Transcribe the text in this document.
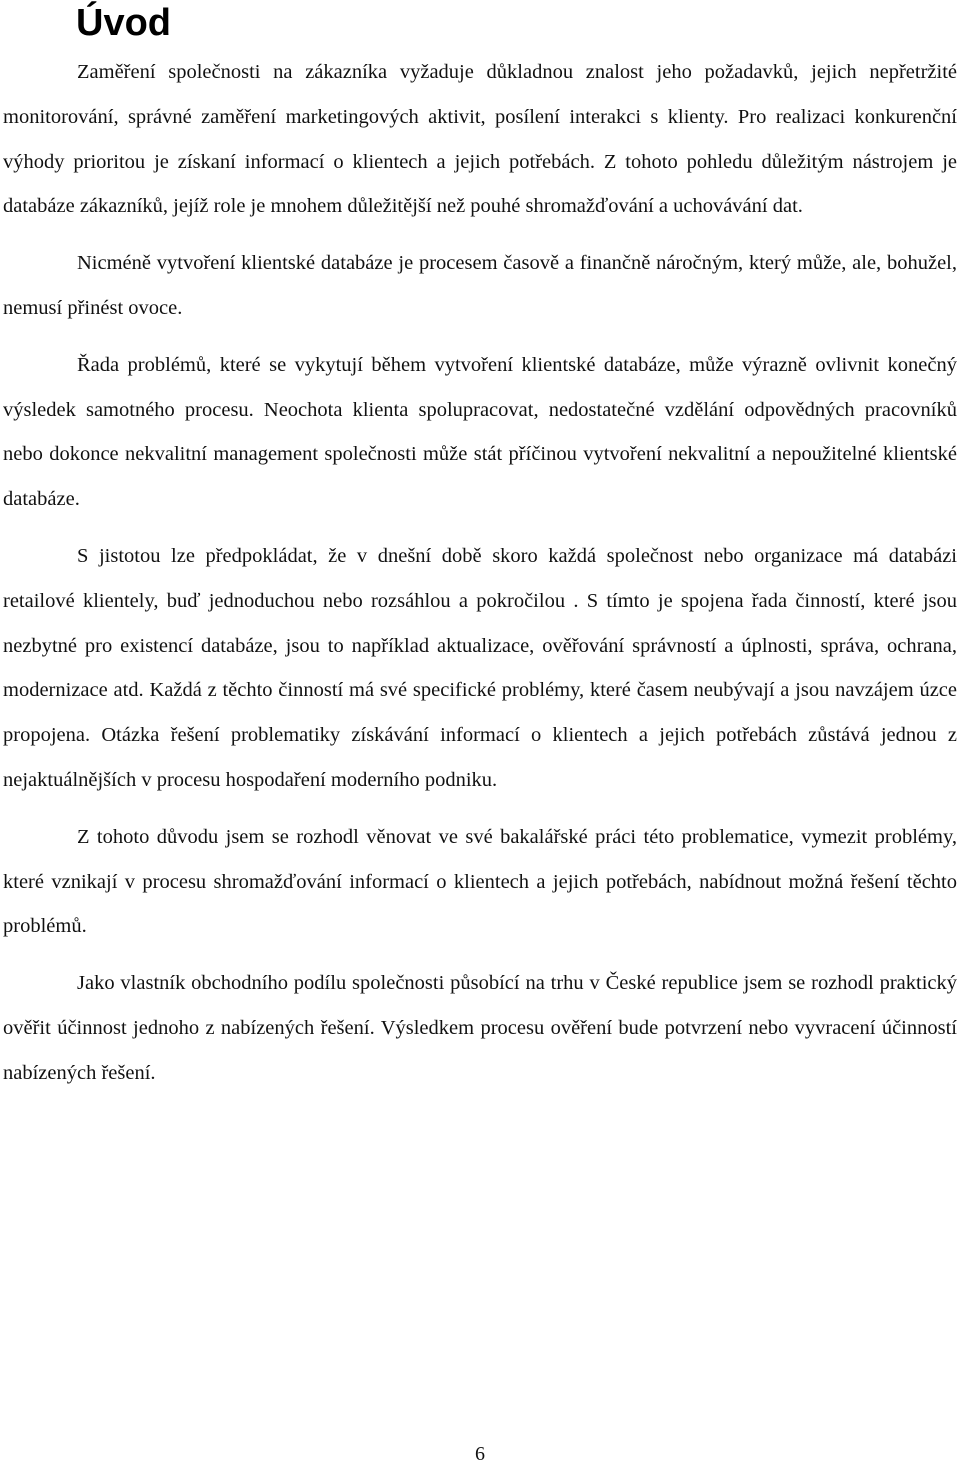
Úvod

Zaměření společnosti na zákazníka vyžaduje důkladnou znalost jeho požadavků, jejich nepřetržité monitorování, správné zaměření marketingových aktivit, posílení interakci s klienty. Pro realizaci konkurenční výhody prioritou je získaní informací o klientech a jejich potřebách. Z tohoto pohledu důležitým nástrojem je databáze zákazníků, jejíž role je mnohem důležitější než pouhé shromažďování a uchovávání dat.

Nicméně vytvoření klientské databáze je procesem časově a finančně náročným, který může, ale, bohužel, nemusí přinést ovoce.

Řada problémů, které se vykytují během vytvoření klientské databáze, může výrazně ovlivnit konečný výsledek samotného procesu. Neochota klienta spolupracovat, nedostatečné vzdělání odpovědných pracovníků nebo dokonce nekvalitní management společnosti může stát příčinou vytvoření nekvalitní a nepoužitelné klientské databáze.

S jistotou lze předpokládat, že v dnešní době skoro každá společnost nebo organizace má databázi retailové klientely, buď jednoduchou nebo rozsáhlou a pokročilou . S tímto je spojena řada činností, které jsou nezbytné pro existencí databáze, jsou to například aktualizace, ověřování správností a úplnosti, správa, ochrana, modernizace atd. Každá z těchto činností má své specifické problémy, které časem neubývají a jsou navzájem úzce propojena. Otázka řešení problematiky získávání informací o klientech a jejich potřebách zůstává jednou z nejaktuálnějších v procesu hospodaření moderního podniku.

Z tohoto důvodu jsem se rozhodl věnovat ve své bakalářské práci této problematice, vymezit problémy, které vznikají v procesu shromažďování informací o klientech a jejich potřebách, nabídnout možná řešení těchto problémů.

Jako vlastník obchodního podílu společnosti působící na trhu v České republice jsem se rozhodl praktický ověřit účinnost jednoho z nabízených řešení. Výsledkem procesu ověření bude potvrzení nebo vyvracení účinností nabízených řešení.

6
